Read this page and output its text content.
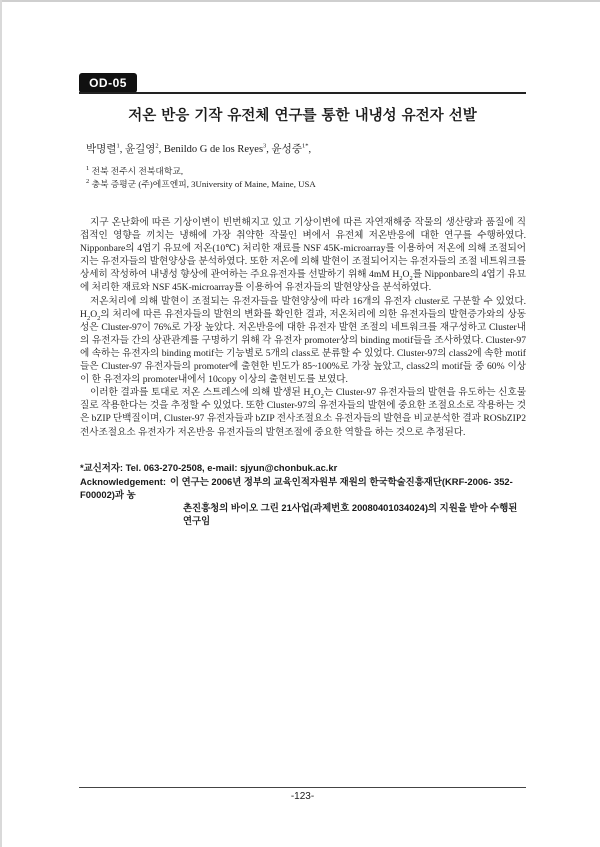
OD-05
저온 반응 기작 유전체 연구를 통한 내냉성 유전자 선발
박명렬$^1$, 윤길영$^2$, Benildo G de los Reyes$^3$, 윤성중$^{1*}$,
$^1$ 전북 전주시 전북대학교,
$^2$ 충북 증평군 (주)에프엔피, 3University of Maine, Maine, USA

지구 온난화에 따른 기상이변이 빈번해지고 있고 기상이변에 따른 자연재해중 작물의 생산량과 품질에 직접적인 영향을 끼치는 냉해에 가장 취약한 작물인 벼에서 유전체 저온반응에 대한 연구를 수행하였다. Nipponbare의 4엽기 유묘에 저온(10℃) 처리한 재료를 NSF 45K-microarray를 이용하여 저온에 의해 조절되어지는 유전자들의 발현양상을 분석하였다. 또한 저온에 의해 발현이 조절되어지는 유전자들의 조절 네트워크를 상세히 작성하여 내냉성 향상에 관여하는 주요유전자를 선발하기 위해 4mM $H_2O_2$를 Nipponbare의 4엽기 유묘에 처리한 재료와 NSF 45K-microarray를 이용하여 유전자들의 발현양상을 분석하였다.

저온처리에 의해 발현이 조절되는 유전자들을 발현양상에 따라 16개의 유전자 cluster로 구분할 수 있었다. $H_2O_2$의 처리에 따른 유전자들의 발현의 변화를 확인한 결과, 저온처리에 의한 유전자들의 발현증가와의 상동성은 Cluster-97이 76%로 가장 높았다. 저온반응에 대한 유전자 발현 조절의 네트워크를 재구성하고 Cluster내의 유전자들 간의 상관관계를 구명하기 위해 각 유전자 promoter상의 binding motif들을 조사하였다. Cluster-97에 속하는 유전자의 binding motif는 기능별로 5개의 class로 분류할 수 있었다. Cluster-97의 class2에 속한 motif들은 Cluster-97 유전자들의 promoter에 출현한 빈도가 85~100%로 가장 높았고, class2의 motif들 중 60% 이상이 한 유전자의 promoter내에서 10copy 이상의 출현빈도를 보였다.

이러한 결과를 토대로 저온 스트레스에 의해 발생된 $H_2O_2$는 Cluster-97 유전자들의 발현을 유도하는 신호물질로 작용한다는 것을 추정할 수 있었다. 또한 Cluster-97의 유전자들의 발현에 중요한 조절요소로 작용하는 것은 bZIP 단백질이며, Cluster-97 유전자들과 bZIP 전사조절요소 유전자들의 발현을 비교분석한 결과 ROSbZIP2 전사조절요소 유전자가 저온반응 유전자들의 발현조절에 중요한 역할을 하는 것으로 추정된다.

*교신저자: Tel. 063-270-2508, e-mail: sjyun@chonbuk.ac.kr
Acknowledgement: 이 연구는 2006년 정부의 교육인적자원부 재원의 한국학술진흥재단(KRF-2006- 352-F00002)과 농
촌진흥청의 바이오 그린 21사업(과제번호 20080401034024)의 지원을 받아 수행된 연구임
-123-
